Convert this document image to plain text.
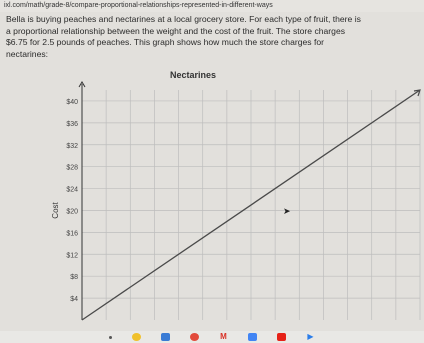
ixl.com/math/grade-8/compare-proportional-relationships-represented-in-different-ways

Bella is buying peaches and nectarines at a local grocery store. For each type of fruit, there is

a proportional relationship between the weight and the cost of the fruit. The store charges

$6.75 for 2.5 pounds of peaches. This graph shows how much the store charges for

nectarines:

Nectarines
$4
$8
$12
$16
$20
$24
$28
$32
$36
$40
Cost	➤
M	▶
